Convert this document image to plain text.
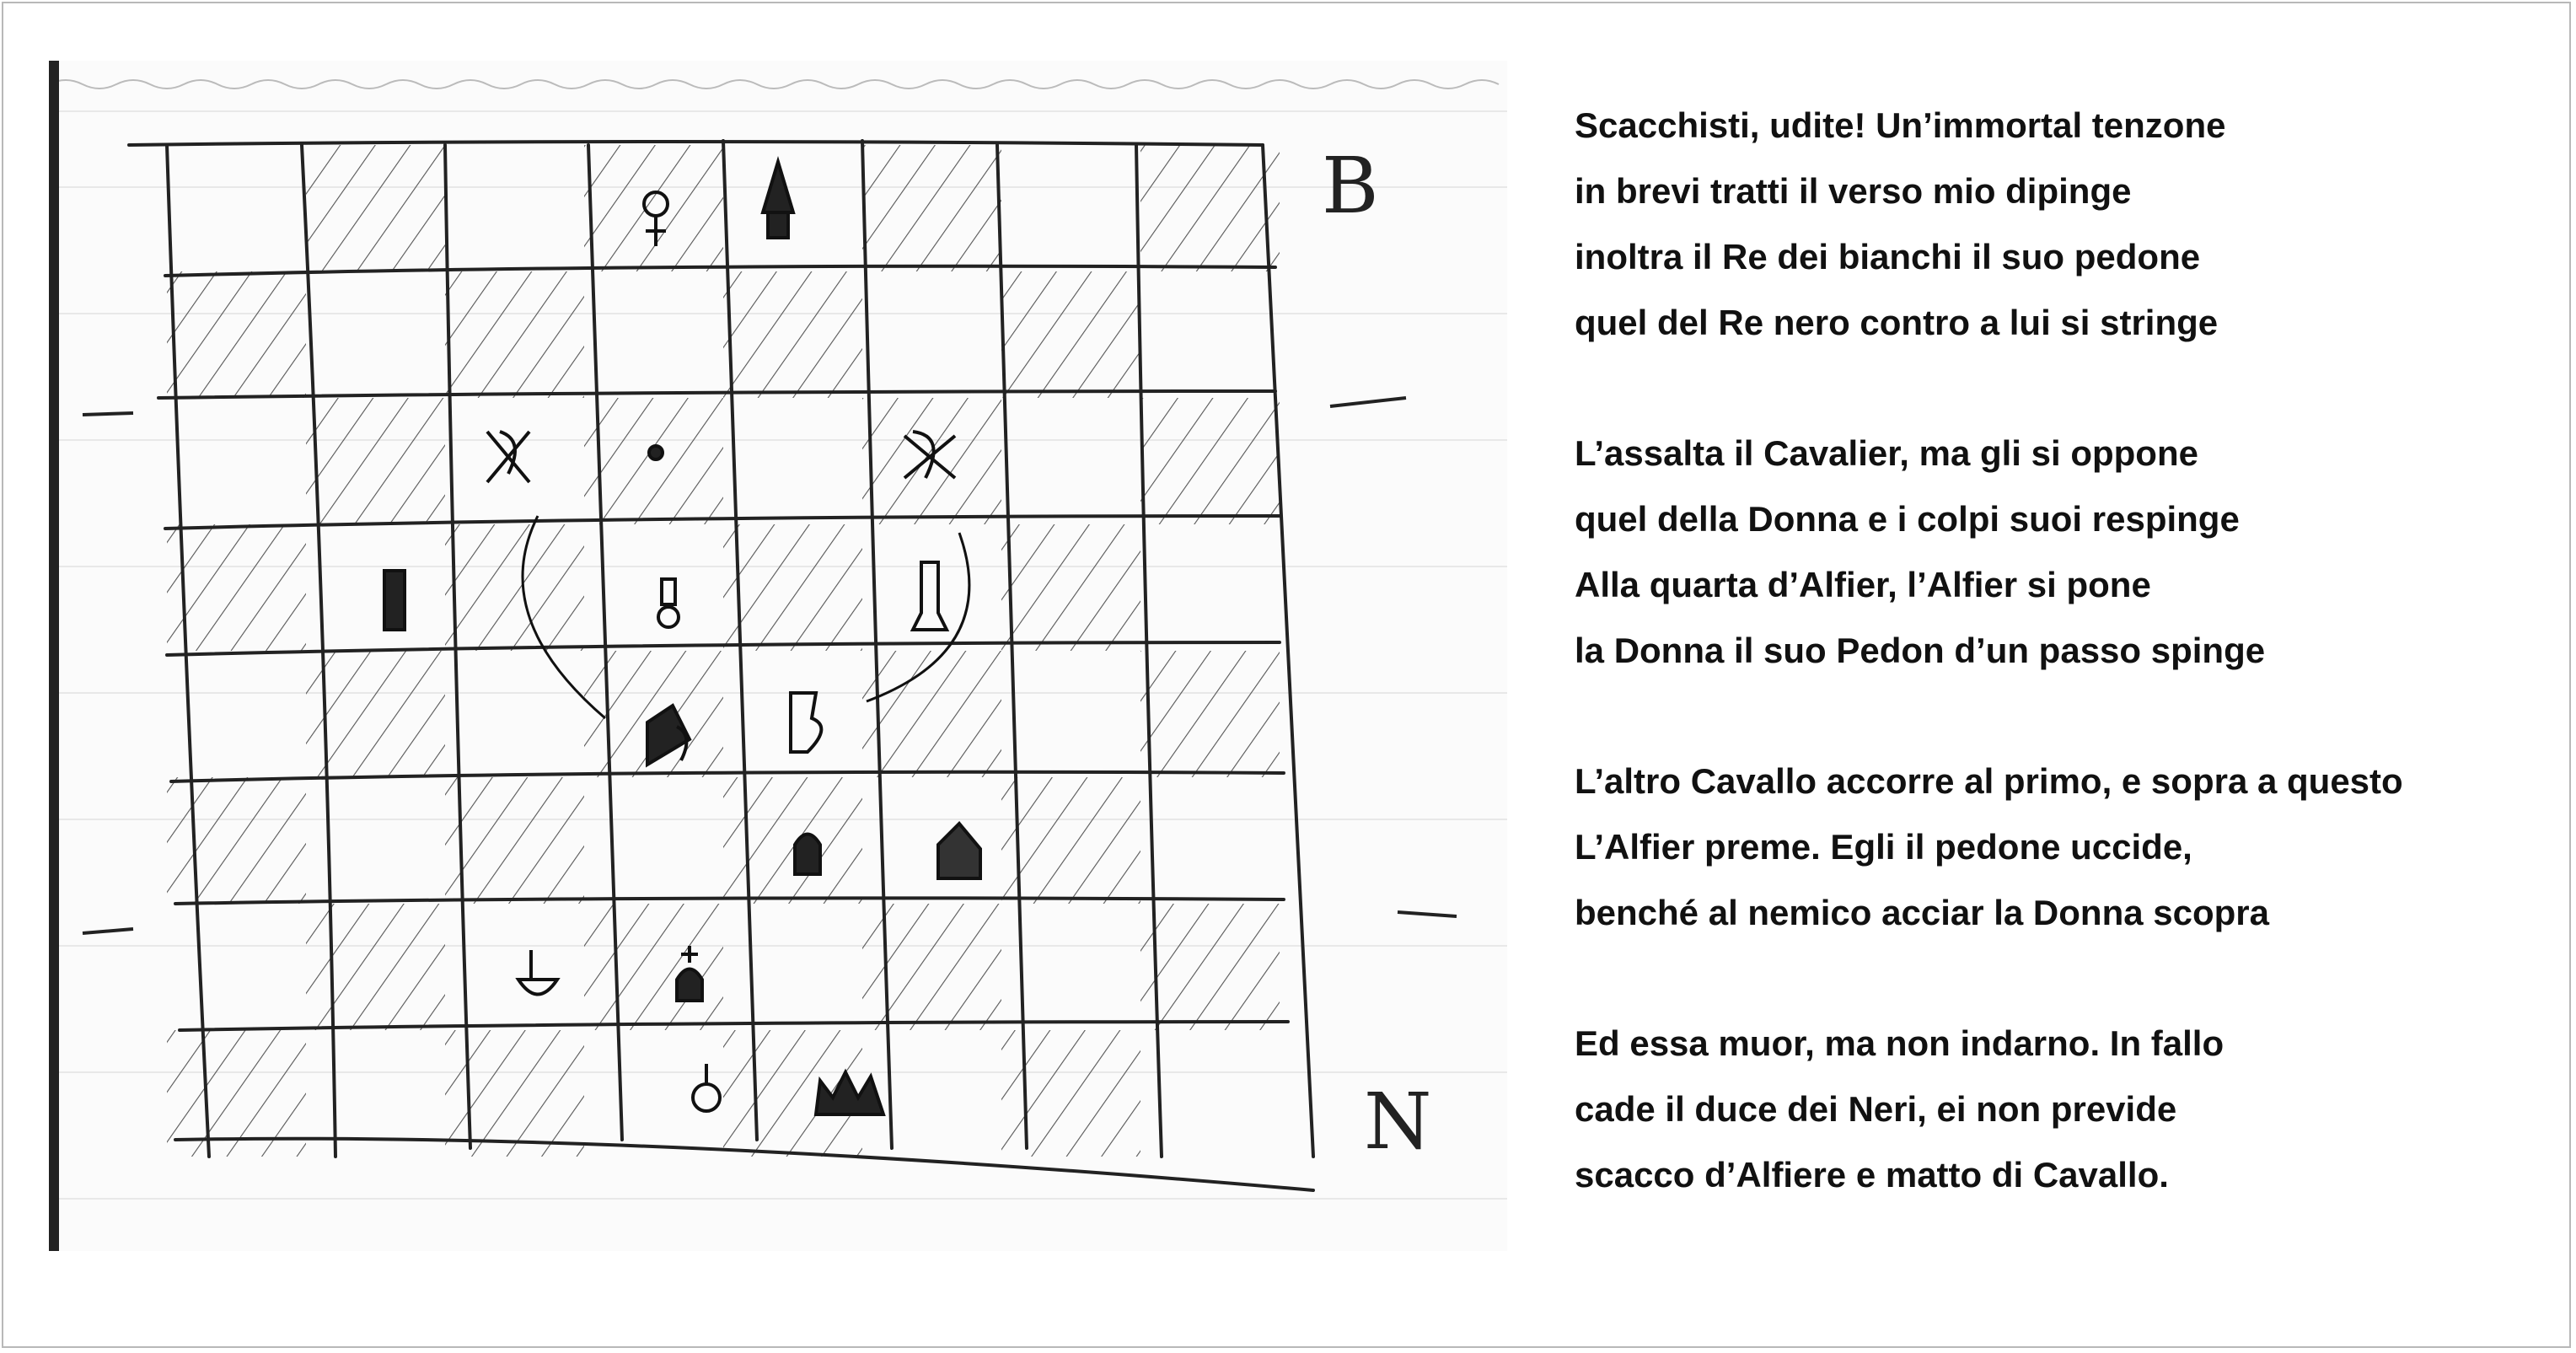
B
N
Scacchisti, udite! Un’immortal tenzone
in brevi tratti il verso mio dipinge
inoltra il Re dei bianchi il suo pedone
quel del Re nero contro a lui si stringe
L’assalta il Cavalier, ma gli si oppone
quel della Donna e i colpi suoi respinge
Alla quarta d’Alfier, l’Alfier si pone
la Donna il suo Pedon d’un passo spinge
L’altro Cavallo accorre al primo, e sopra a questo
L’Alfier preme. Egli il pedone uccide,
benché al nemico acciar la Donna scopra
Ed essa muor, ma non indarno. In fallo
cade il duce dei Neri, ei non previde
scacco d’Alfiere e matto di Cavallo.
